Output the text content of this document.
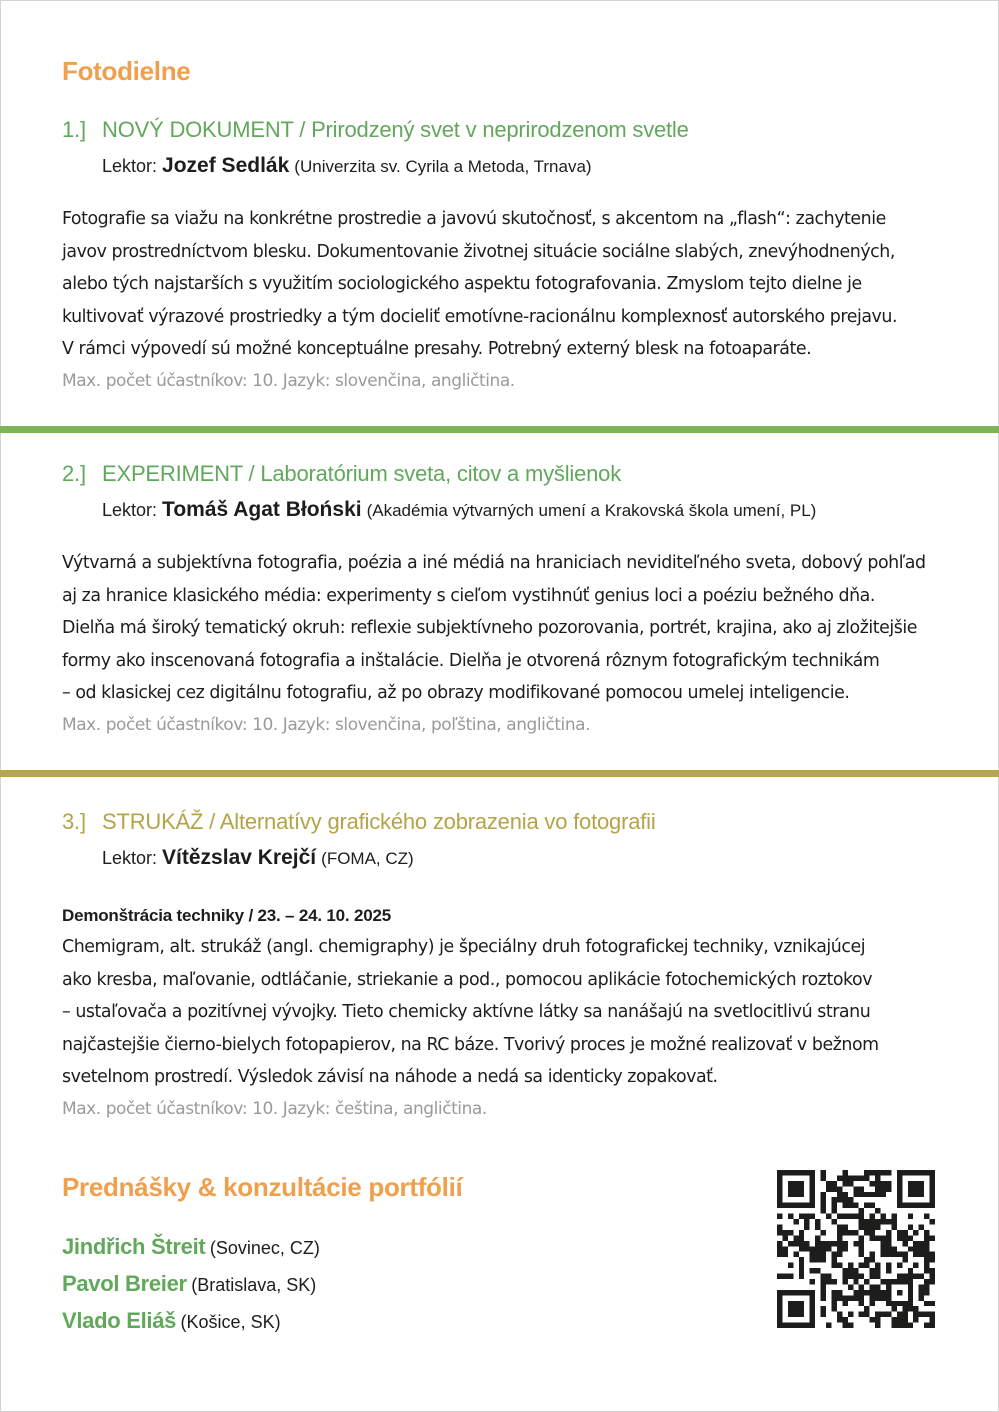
Fotodielne
1.] NOVÝ DOKUMENT / Prirodzený svet v neprirodzenom svetle
Lektor: Jozef Sedlák (Univerzita sv. Cyrila a Metoda, Trnava)
Fotografie sa viažu na konkrétne prostredie a javovú skutočnosť, s akcentom na „flash“: zachytenie
javov prostredníctvom blesku. Dokumentovanie životnej situácie sociálne slabých, znevýhodnených,
alebo tých najstarších s využitím sociologického aspektu fotografovania. Zmyslom tejto dielne je
kultivovať výrazové prostriedky a tým docieliť emotívne-racionálnu komplexnosť autorského prejavu.
V rámci výpovedí sú možné konceptuálne presahy. Potrebný externý blesk na fotoaparáte.
Max. počet účastníkov: 10. Jazyk: slovenčina, angličtina.
2.] EXPERIMENT / Laboratórium sveta, citov a myšlienok
Lektor: Tomáš Agat Błoński (Akadémia výtvarných umení a Krakovská škola umení, PL)
Výtvarná a subjektívna fotografia, poézia a iné médiá na hraniciach neviditeľného sveta, dobový pohľad
aj za hranice klasického média: experimenty s cieľom vystihnúť genius loci a poéziu bežného dňa.
Dielňa má široký tematický okruh: reflexie subjektívneho pozorovania, portrét, krajina, ako aj zložitejšie
formy ako inscenovaná fotografia a inštalácie. Dielňa je otvorená rôznym fotografickým technikám
– od klasickej cez digitálnu fotografiu, až po obrazy modifikované pomocou umelej inteligencie.
Max. počet účastníkov: 10. Jazyk: slovenčina, poľština, angličtina.
3.] STRUKÁŽ / Alternatívy grafického zobrazenia vo fotografii
Lektor: Vítězslav Krejčí (FOMA, CZ)
Demonštrácia techniky / 23. – 24. 10. 2025
Chemigram, alt. strukáž (angl. chemigraphy) je špeciálny druh fotografickej techniky, vznikajúcej
ako kresba, maľovanie, odtláčanie, striekanie a pod., pomocou aplikácie fotochemických roztokov
– ustaľovača a pozitívnej vývojky. Tieto chemicky aktívne látky sa nanášajú na svetlocitlivú stranu
najčastejšie čierno-bielych fotopapierov, na RC báze. Tvorivý proces je možné realizovať v bežnom
svetelnom prostredí. Výsledok závisí na náhode a nedá sa identicky zopakovať.
Max. počet účastníkov: 10. Jazyk: čeština, angličtina.
Prednášky & konzultácie portfólií
Jindřich Štreit (Sovinec, CZ)
Pavol Breier (Bratislava, SK)
Vlado Eliáš (Košice, SK)
